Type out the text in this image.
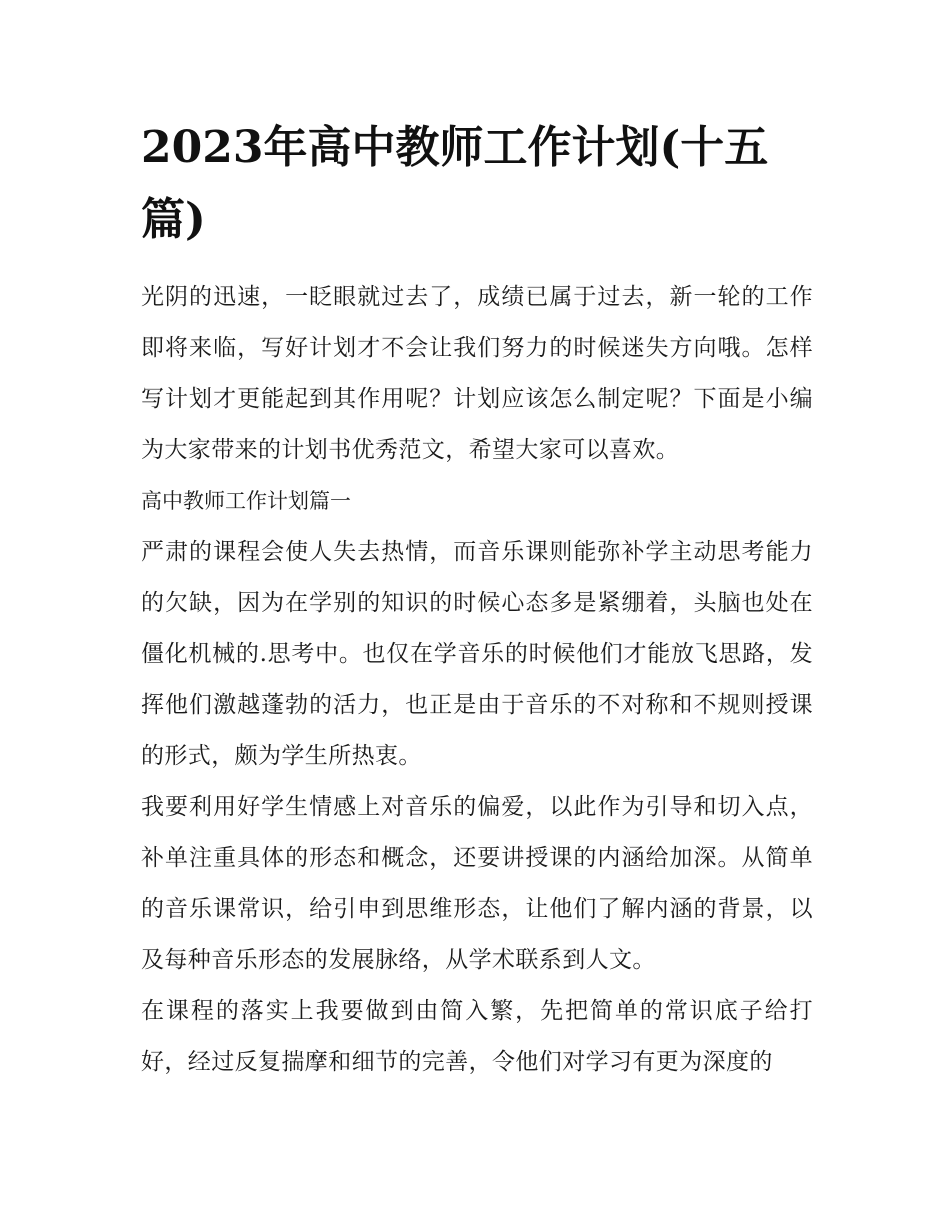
2023年高中教师工作计划(十五篇)

光阴的迅速，一眨眼就过去了，成绩已属于过去，新一轮的工作即将来临，写好计划才不会让我们努力的时候迷失方向哦。怎样写计划才更能起到其作用呢？计划应该怎么制定呢？下面是小编为大家带来的计划书优秀范文，希望大家可以喜欢。

高中教师工作计划篇一

严肃的课程会使人失去热情，而音乐课则能弥补学主动思考能力的欠缺，因为在学别的知识的时候心态多是紧绷着，头脑也处在僵化机械的.思考中。也仅在学音乐的时候他们才能放飞思路，发挥他们激越蓬勃的活力，也正是由于音乐的不对称和不规则授课的形式，颇为学生所热衷。

我要利用好学生情感上对音乐的偏爱，以此作为引导和切入点，补单注重具体的形态和概念，还要讲授课的内涵给加深。从简单的音乐课常识，给引申到思维形态，让他们了解内涵的背景，以及每种音乐形态的发展脉络，从学术联系到人文。

在课程的落实上我要做到由简入繁，先把简单的常识底子给打好，经过反复揣摩和细节的完善，令他们对学习有更为深度的
